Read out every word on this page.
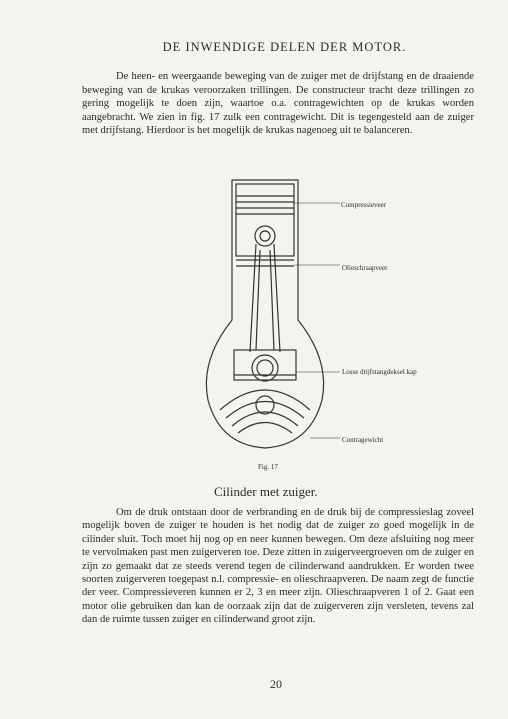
DE INWENDIGE DELEN DER MOTOR.
De heen- en weergaande beweging van de zuiger met de drijfstang en de draaiende beweging van de krukas veroorzaken trillingen. De constructeur tracht deze trillingen zo gering mogelijk te doen zijn, waartoe o.a. contragewichten op de krukas worden aangebracht. We zien in fig. 17 zulk een contragewicht. Dit is tegengesteld aan de zuiger met drijfstang. Hierdoor is het mogelijk de krukas nagenoeg uit te balanceren.
Compressieveer
Olieschraapveer
Losse drijfstangdeksel kap
Contragewicht
Fig. 17
Cilinder met zuiger.
Om de druk ontstaan door de verbranding en de druk bij de compressieslag zoveel mogelijk boven de zuiger te houden is het nodig dat de zuiger zo goed mogelijk in de cilinder sluit. Toch moet hij nog op en neer kunnen bewegen. Om deze afsluiting nog meer te vervolmaken past men zuigerveren toe. Deze zitten in zuigerveergroeven om de zuiger en zijn zo gemaakt dat ze steeds verend tegen de cilinderwand aandrukken. Er worden twee soorten zuigerveren toegepast n.l. compressie- en olieschraapveren. De naam zegt de functie der veer. Compressieveren kunnen er 2, 3 en meer zijn. Olieschraapveren 1 of 2. Gaat een motor olie gebruiken dan kan de oorzaak zijn dat de zuigerveren zijn versleten, tevens zal dan de ruimte tussen zuiger en cilinderwand groot zijn.
20
